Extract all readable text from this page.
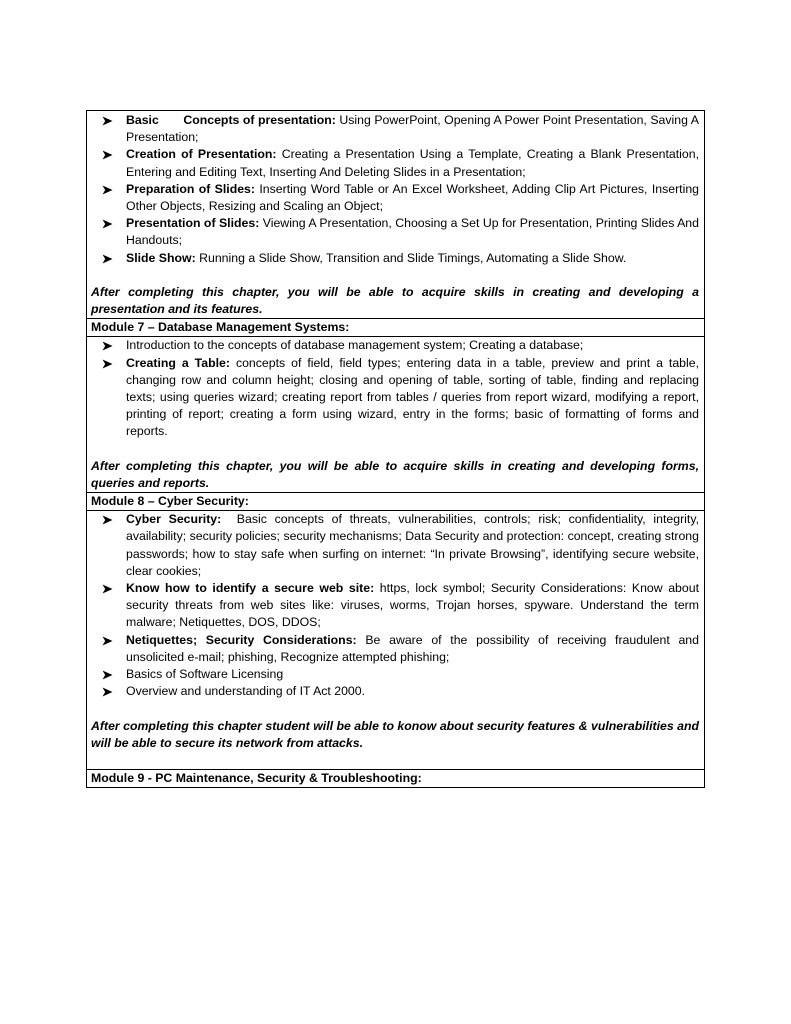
Basic       Concepts of presentation: Using PowerPoint, Opening A Power Point Presentation, Saving A Presentation;
Creation of Presentation: Creating a Presentation Using a Template, Creating a Blank Presentation, Entering and Editing Text, Inserting And Deleting Slides in a Presentation;
Preparation of Slides: Inserting Word Table or An Excel Worksheet, Adding Clip Art Pictures, Inserting Other Objects, Resizing and Scaling an Object;
Presentation of Slides: Viewing A Presentation, Choosing a Set Up for Presentation, Printing Slides And Handouts;
Slide Show: Running a Slide Show, Transition and Slide Timings, Automating a Slide Show.
After completing this chapter, you will be able to acquire skills in creating and developing a presentation and its features.

Module 7 – Database Management Systems:

Introduction to the concepts of database management system; Creating a database;
Creating a Table: concepts of field, field types; entering data in a table, preview and print a table, changing row and column height; closing and opening of table, sorting of table, finding and replacing texts; using queries wizard; creating report from tables / queries from report wizard, modifying a report, printing of report; creating a form using wizard, entry in the forms; basic of formatting of forms and reports.
After completing this chapter, you will be able to acquire skills in creating and developing forms, queries and reports.

Module 8 – Cyber Security:

Cyber Security:  Basic concepts of threats, vulnerabilities, controls; risk; confidentiality, integrity, availability; security policies; security mechanisms; Data Security and protection: concept, creating strong passwords; how to stay safe when surfing on internet: “In private Browsing”, identifying secure website, clear cookies;
Know how to identify a secure web site: https, lock symbol; Security Considerations: Know about security threats from web sites like: viruses, worms, Trojan horses, spyware. Understand the term malware; Netiquettes, DOS, DDOS;
Netiquettes; Security Considerations: Be aware of the possibility of receiving fraudulent and unsolicited e-mail; phishing, Recognize attempted phishing;
Basics of Software Licensing
Overview and understanding of IT Act 2000.
After completing this chapter student will be able to konow about security features & vulnerabilities and will be able to secure its network from attacks.

Module 9 - PC Maintenance, Security & Troubleshooting:
